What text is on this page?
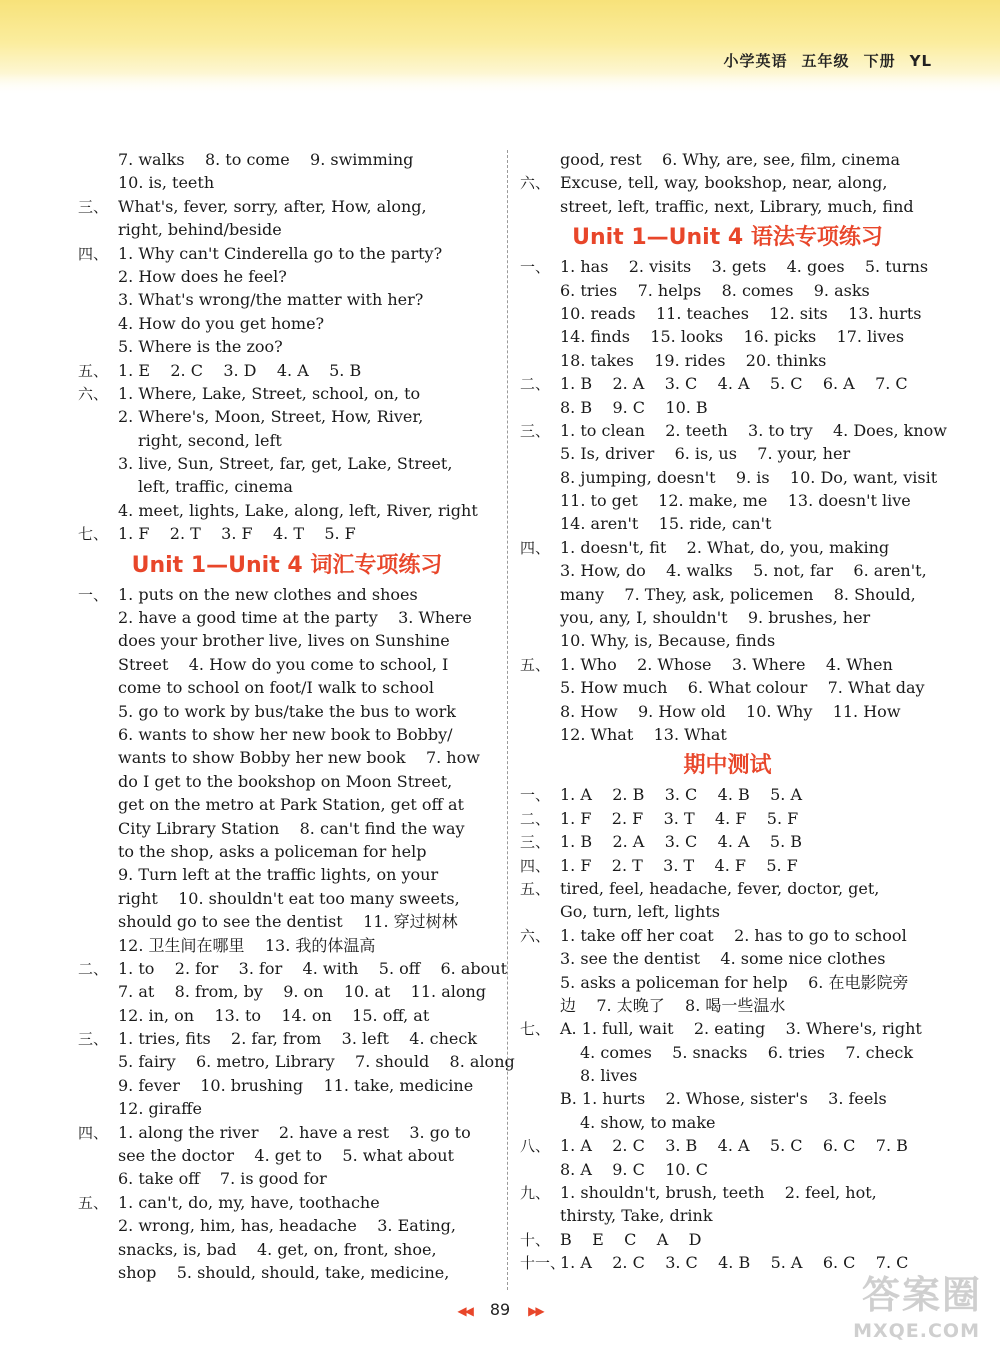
小学英语 五年级 下册 YL
7. walks    8. to come    9. swimming
10. is, teeth
三、 What's, fever, sorry, after, How, along,
right, behind/beside
四、 1. Why can't Cinderella go to the party?
2. How does he feel?
3. What's wrong/the matter with her?
4. How do you get home?
5. Where is the zoo?
五、 1. E    2. C    3. D    4. A    5. B
六、 1. Where, Lake, Street, school, on, to
2. Where's, Moon, Street, How, River,
right, second, left
3. live, Sun, Street, far, get, Lake, Street,
left, traffic, cinema
4. meet, lights, Lake, along, left, River, right
七、 1. F    2. T    3. F    4. T    5. F
Unit 1—Unit 4 词汇专项练习
一、 1. puts on the new clothes and shoes
2. have a good time at the party    3. Where
does your brother live, lives on Sunshine
Street    4. How do you come to school, I
come to school on foot/I walk to school
5. go to work by bus/take the bus to work
6. wants to show her new book to Bobby/
wants to show Bobby her new book    7. how
do I get to the bookshop on Moon Street,
get on the metro at Park Station, get off at
City Library Station    8. can't find the way
to the shop, asks a policeman for help
9. Turn left at the traffic lights, on your
right    10. shouldn't eat too many sweets,
should go to see the dentist    11. 穿过树林
12. 卫生间在哪里    13. 我的体温高
二、 1. to    2. for    3. for    4. with    5. off    6. about
7. at    8. from, by    9. on    10. at    11. along
12. in, on    13. to    14. on    15. off, at
三、 1. tries, fits    2. far, from    3. left    4. check
5. fairy    6. metro, Library    7. should    8. along
9. fever    10. brushing    11. take, medicine
12. giraffe
四、 1. along the river    2. have a rest    3. go to
see the doctor    4. get to    5. what about
6. take off    7. is good for
五、 1. can't, do, my, have, toothache
2. wrong, him, has, headache    3. Eating,
snacks, is, bad    4. get, on, front, shoe,
shop    5. should, should, take, medicine,
good, rest    6. Why, are, see, film, cinema
六、 Excuse, tell, way, bookshop, near, along,
street, left, traffic, next, Library, much, find
Unit 1—Unit 4 语法专项练习
一、 1. has    2. visits    3. gets    4. goes    5. turns
6. tries    7. helps    8. comes    9. asks
10. reads    11. teaches    12. sits    13. hurts
14. finds    15. looks    16. picks    17. lives
18. takes    19. rides    20. thinks
二、 1. B    2. A    3. C    4. A    5. C    6. A    7. C
8. B    9. C    10. B
三、 1. to clean    2. teeth    3. to try    4. Does, know
5. Is, driver    6. is, us    7. your, her
8. jumping, doesn't    9. is    10. Do, want, visit
11. to get    12. make, me    13. doesn't live
14. aren't    15. ride, can't
四、 1. doesn't, fit    2. What, do, you, making
3. How, do    4. walks    5. not, far    6. aren't,
many    7. They, ask, policemen    8. Should,
you, any, I, shouldn't    9. brushes, her
10. Why, is, Because, finds
五、 1. Who    2. Whose    3. Where    4. When
5. How much    6. What colour    7. What day
8. How    9. How old    10. Why    11. How
12. What    13. What
期中测试
一、 1. A    2. B    3. C    4. B    5. A
二、 1. F    2. F    3. T    4. F    5. F
三、 1. B    2. A    3. C    4. A    5. B
四、 1. F    2. T    3. T    4. F    5. F
五、 tired, feel, headache, fever, doctor, get,
Go, turn, left, lights
六、 1. take off her coat    2. has to go to school
3. see the dentist    4. some nice clothes
5. asks a policeman for help    6. 在电影院旁
边    7. 太晚了    8. 喝一些温水
七、 A. 1. full, wait    2. eating    3. Where's, right
4. comes    5. snacks    6. tries    7. check
8. lives
B. 1. hurts    2. Whose, sister's    3. feels
4. show, to make
八、 1. A    2. C    3. B    4. A    5. C    6. C    7. B
8. A    9. C    10. C
九、 1. shouldn't, brush, teeth    2. feel, hot,
thirsty, Take, drink
十、 B    E    C    A    D
十一、1. A    2. C    3. C    4. B    5. A    6. C    7. C
◀◀ 89 ▶▶	答案圈
MXQE.COM
